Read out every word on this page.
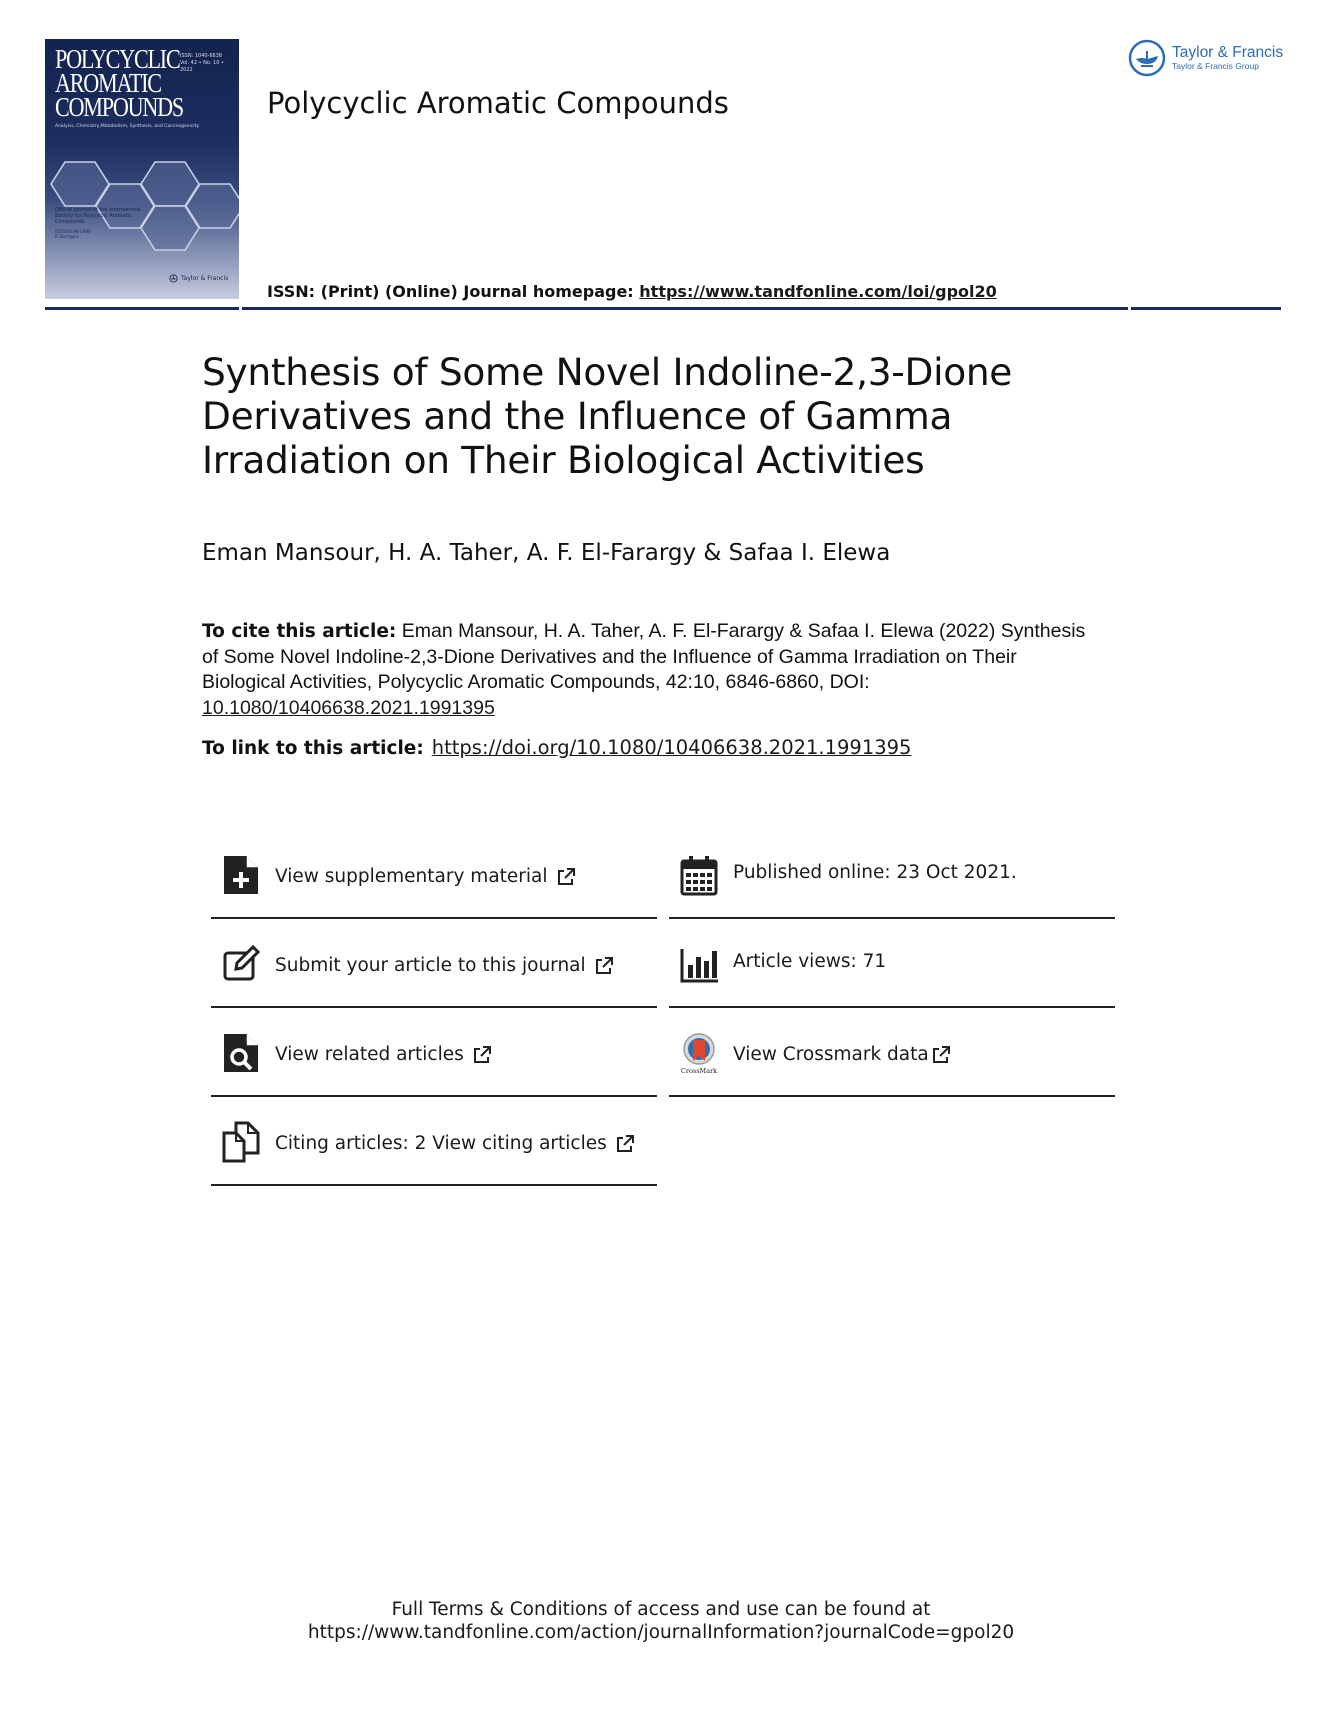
POLYCYCLIC
AROMATIC
COMPOUNDS
ISSN: 1040-6638
Vol. 42 • No. 10 • 2022
Analysis, Chemistry,Metabolism, Synthesis, and Carcinogenicity
Official Journal of the International Society for Polycyclic Aromatic Compounds
EDITORS-IN-CHIEF
P. Garrigues
Taylor & Francis
Polycyclic Aromatic Compounds
ISSN: (Print) (Online) Journal homepage: https://www.tandfonline.com/loi/gpol20
Taylor & Francis
Taylor & Francis Group
Synthesis of Some Novel Indoline-2,3-Dione Derivatives and the Influence of Gamma Irradiation on Their Biological Activities
Eman Mansour, H. A. Taher, A. F. El-Farargy & Safaa I. Elewa
To cite this article: Eman Mansour, H. A. Taher, A. F. El-Farargy & Safaa I. Elewa (2022) Synthesis of Some Novel Indoline-2,3-Dione Derivatives and the Influence of Gamma Irradiation on Their Biological Activities, Polycyclic Aromatic Compounds, 42:10, 6846-6860, DOI: 10.1080/10406638.2021.1991395
To link to this article: https://doi.org/10.1080/10406638.2021.1991395
View supplementary material
Submit your article to this journal
View related articles
Citing articles: 2 View citing articles
Published online: 23 Oct 2021.
Article views: 71
CrossMark
View Crossmark data
Full Terms & Conditions of access and use can be found at
https://www.tandfonline.com/action/journalInformation?journalCode=gpol20
